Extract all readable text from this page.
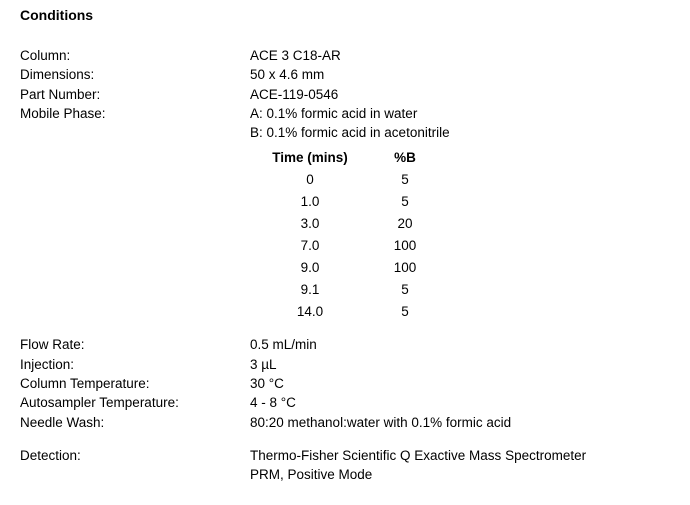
Conditions
Column:	ACE 3 C18-AR
Dimensions:	50 x 4.6 mm
Part Number:	ACE-119-0546
Mobile Phase:	A: 0.1% formic acid in water
B: 0.1% formic acid in acetonitrile
Time (mins)	%B
0	5
1.0	5
3.0	20
7.0	100
9.0	100
9.1	5
14.0	5
Flow Rate:	0.5 mL/min
Injection:	3 µL
Column Temperature:	30 °C
Autosampler Temperature:	4 - 8 °C
Needle Wash:	80:20 methanol:water with 0.1% formic acid
Detection:	Thermo-Fisher Scientific Q Exactive Mass Spectrometer
PRM, Positive Mode
